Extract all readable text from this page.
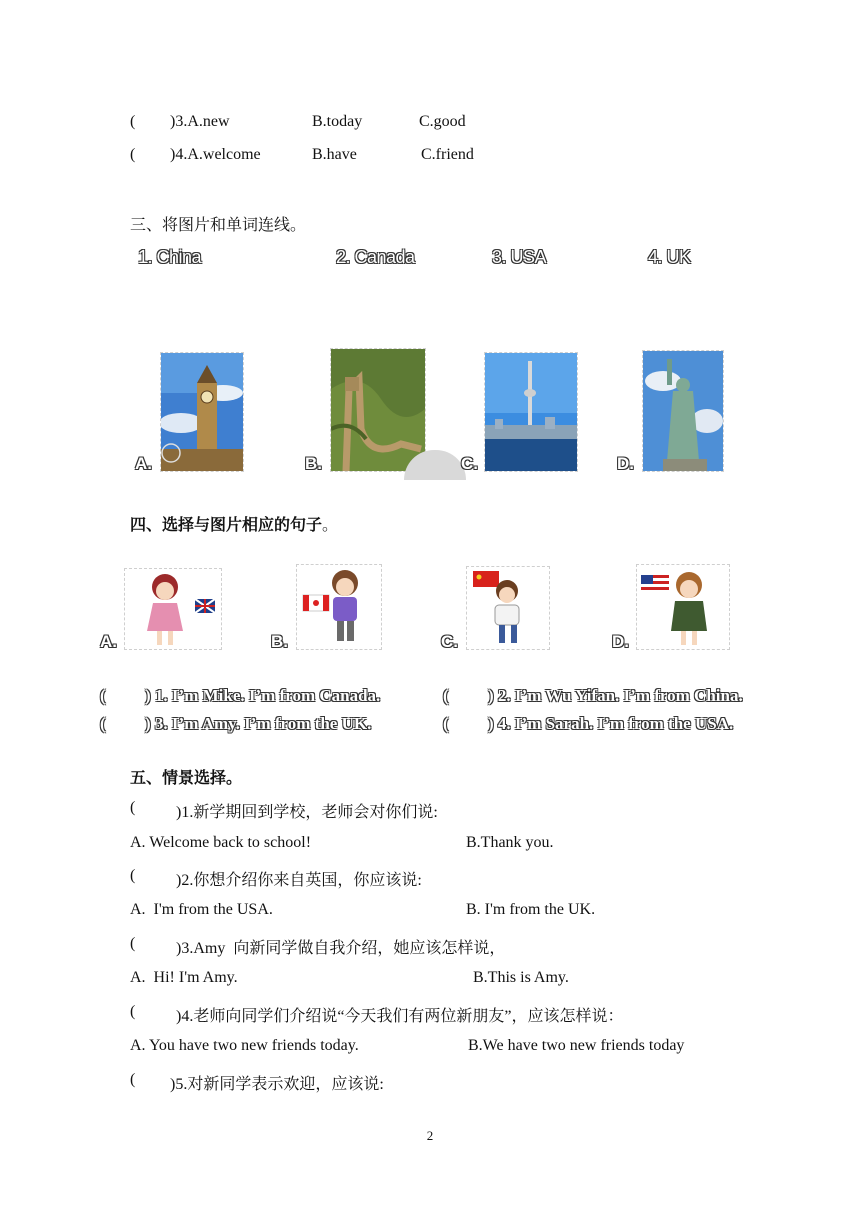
( )3.A.new	B.today	C.good
( )4.A.welcome	B.have	C.friend
三、将图片和单词连线。
1. China	2. Canada	3. USA	4. UK
A.	B.	C.	D.
四、选择与图片相应的句子。
A.	B.	C.	D.
( ) 1. I’m Mike. I’m from Canada.	( ) 2. I’m Wu Yifan. I’m from China.
( ) 3. I’m Amy. I’m from the UK.	( ) 4. I’m Sarah. I’m from the USA.
五、情景选择。
(	)1.新学期回到学校，老师会对你们说:
A. Welcome back to school!	B.Thank you.
(	)2.你想介绍你来自英国，你应该说:
A.  I'm from the USA.	B. I'm from the UK.
(	)3.Amy  向新同学做自我介绍，她应该怎样说，
A.  Hi! I'm Amy.	B.This is Amy.
(	)4.老师向同学们介绍说“今天我们有两位新朋友”，应该怎样说：
A. You have two new friends today.	B.We have two new friends today
( )5.对新同学表示欢迎，应该说:
2
